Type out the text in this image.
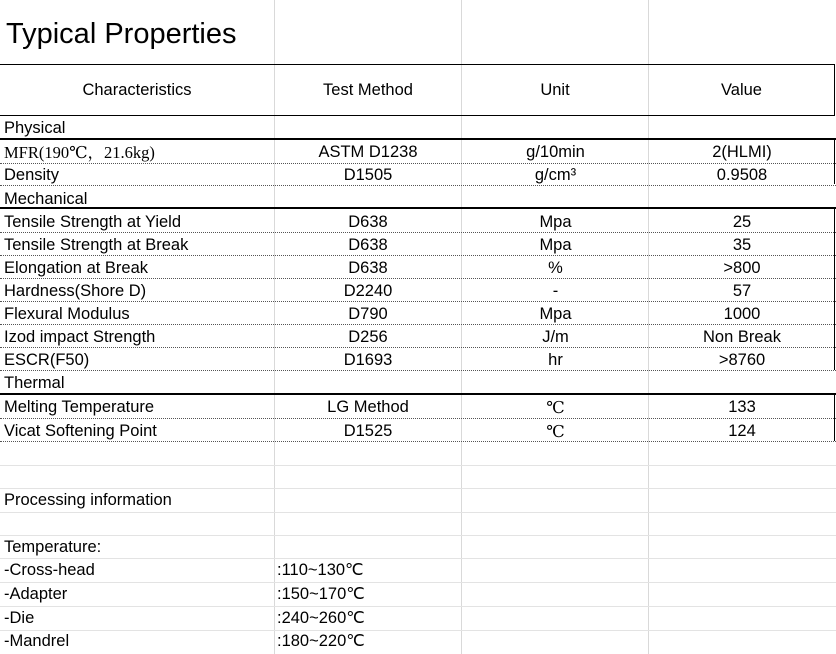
Typical Properties
Characteristics	Test Method	Unit	Value
Physical
MFR(190℃，21.6kg)	ASTM D1238	g/10min	2(HLMI)
Density	D1505	g/cm³	0.9508
Mechanical
Tensile Strength at Yield	D638	Mpa	25
Tensile Strength at Break	D638	Mpa	35
Elongation at Break	D638	%	>800
Hardness(Shore D)	D2240	-	57
Flexural Modulus	D790	Mpa	1000
Izod impact Strength	D256	J/m	Non Break
ESCR(F50)	D1693	hr	>8760
Thermal
Melting Temperature	LG Method	℃	133
Vicat Softening Point	D1525	℃	124
Processing information
Temperature:
-Cross-head	:110~130℃
-Adapter	:150~170℃
-Die	:240~260℃
-Mandrel	:180~220℃
